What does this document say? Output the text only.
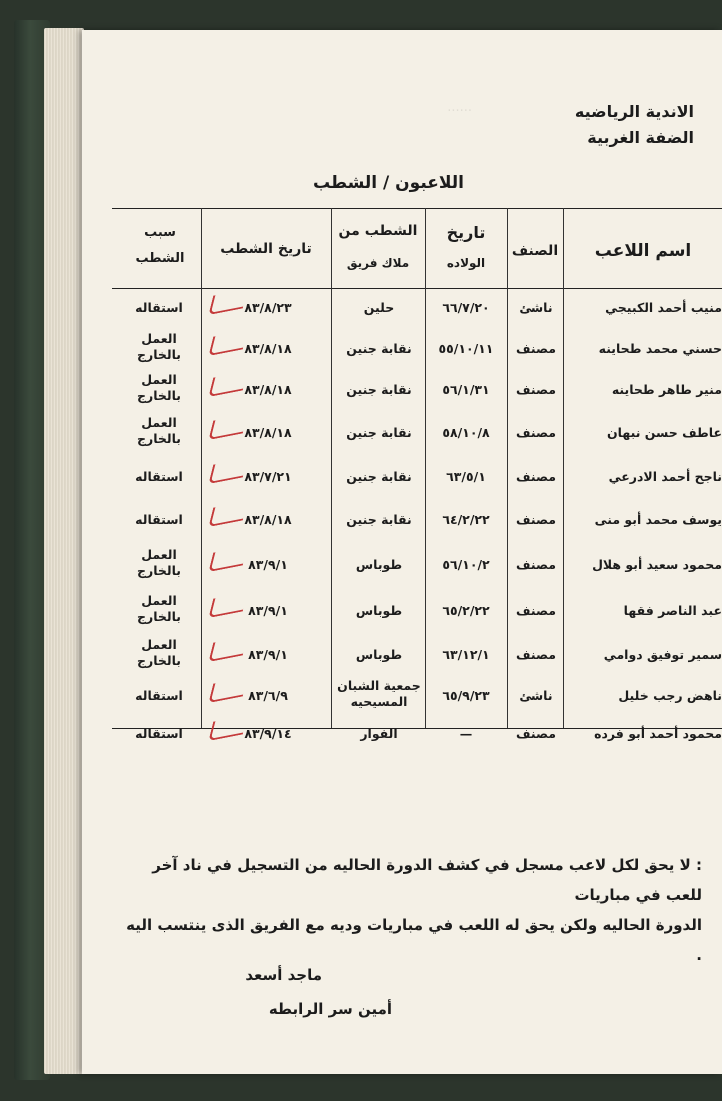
......	الاندية الرياضيه
الضفة الغربية
اللاعبون / الشطب
اسم اللاعب
الصنف
تاريخ
الولاده
الشطب من
ملاك فريق
تاريخ الشطب
سبب
الشطب
منيب أحمد الكبيجي
ناشئ
٦٦/٧/٢٠
حلين
٨٣/٨/٢٣
استقاله
حسني محمد طحاينه
مصنف
٥٥/١٠/١١
نقابة جنين
٨٣/٨/١٨
العمل
بالخارج
منير طاهر طحاينه
مصنف
٥٦/١/٣١
نقابة جنين
٨٣/٨/١٨
العمل
بالخارج
عاطف حسن نبهان
مصنف
٥٨/١٠/٨
نقابة جنين
٨٣/٨/١٨
العمل
بالخارج
ناجح أحمد الادرعي
مصنف
٦٣/٥/١
نقابة جنين
٨٣/٧/٢١
استقاله
يوسف محمد أبو منى
مصنف
٦٤/٢/٢٢
نقابة جنين
٨٣/٨/١٨
استقاله
محمود سعيد أبو هلال
مصنف
٥٦/١٠/٢
طوباس
٨٣/٩/١
العمل
بالخارج
عبد الناصر فقها
مصنف
٦٥/٢/٢٢
طوباس
٨٣/٩/١
العمل
بالخارج
سمير توفيق دوامي
مصنف
٦٣/١٢/١
طوباس
٨٣/٩/١
العمل
بالخارج
ناهض رجب خليل
ناشئ
٦٥/٩/٢٣
جمعية الشبان
المسيحيه
٨٣/٦/٩
استقاله
محمود أحمد أبو فرده
مصنف
—
الفوار
٨٣/٩/١٤
استقاله
: لا يحق لكل لاعب مسجل في كشف الدورة الحاليه من التسجيل في ناد آخر للعب في مباريات
الدورة الحاليه ولكن يحق له اللعب في مباريات وديه مع الفريق الذى ينتسب اليه .
ماجد أسعد
أمين سر الرابطه
